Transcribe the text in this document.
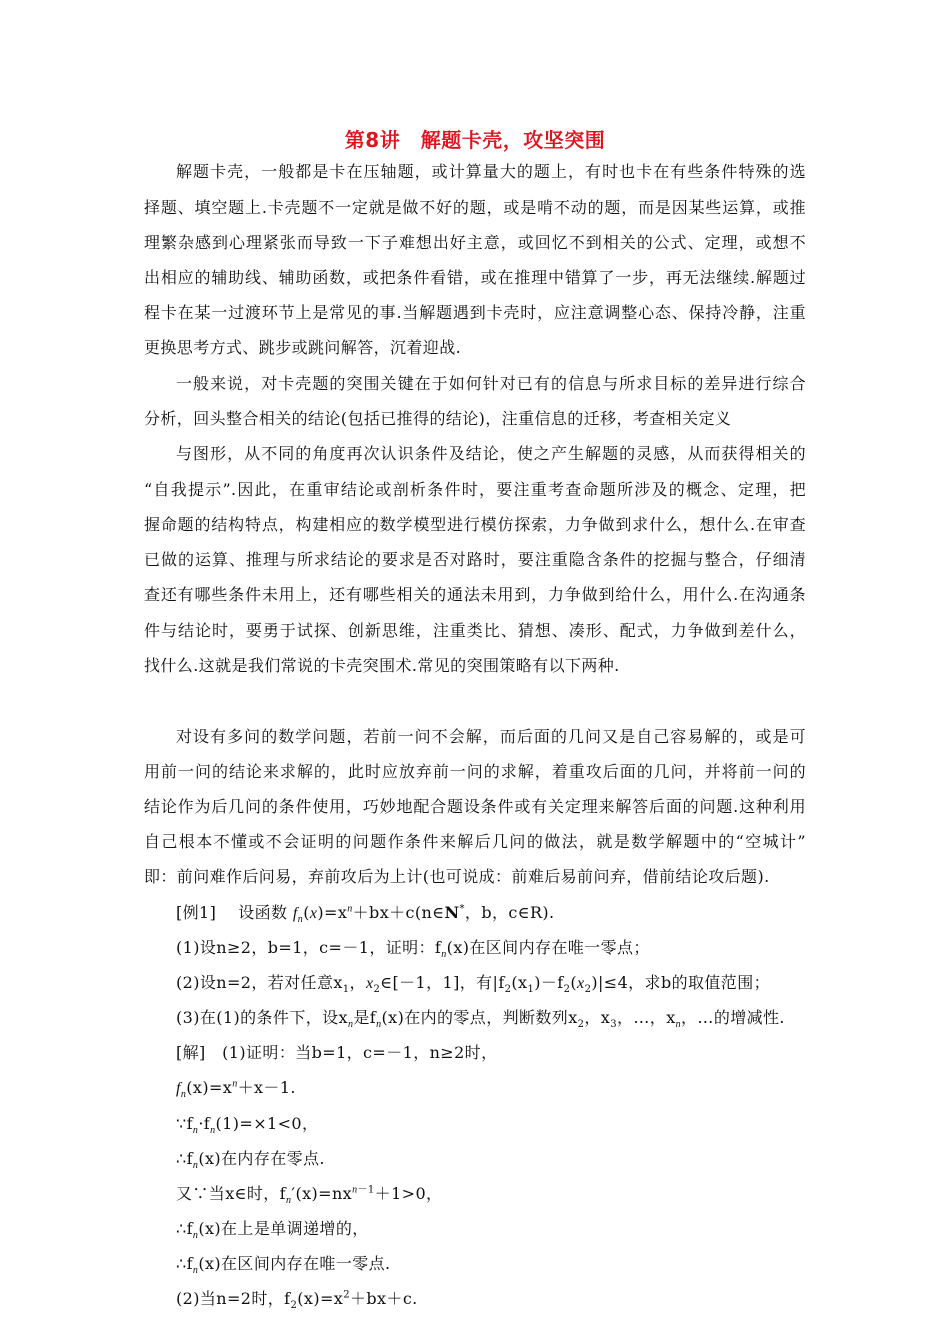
第8讲　解题卡壳，攻坚突围
解题卡壳，一般都是卡在压轴题，或计算量大的题上，有时也卡在有些条件特殊的选
择题、填空题上.卡壳题不一定就是做不好的题，或是啃不动的题，而是因某些运算，或推
理繁杂感到心理紧张而导致一下子难想出好主意，或回忆不到相关的公式、定理，或想不
出相应的辅助线、辅助函数，或把条件看错，或在推理中错算了一步，再无法继续.解题过
程卡在某一过渡环节上是常见的事.当解题遇到卡壳时，应注意调整心态、保持冷静，注重
更换思考方式、跳步或跳问解答，沉着迎战.
一般来说，对卡壳题的突围关键在于如何针对已有的信息与所求目标的差异进行综合
分析，回头整合相关的结论(包括已推得的结论)，注重信息的迁移，考查相关定义
与图形，从不同的角度再次认识条件及结论，使之产生解题的灵感，从而获得相关的
“自我提示”.因此，在重审结论或剖析条件时，要注重考查命题所涉及的概念、定理，把
握命题的结构特点，构建相应的数学模型进行模仿探索，力争做到求什么，想什么.在审查
已做的运算、推理与所求结论的要求是否对路时，要注重隐含条件的挖掘与整合，仔细清
查还有哪些条件未用上，还有哪些相关的通法未用到，力争做到给什么，用什么.在沟通条
件与结论时，要勇于试探、创新思维，注重类比、猜想、凑形、配式，力争做到差什么，
找什么.这就是我们常说的卡壳突围术.常见的突围策略有以下两种.
对设有多问的数学问题，若前一问不会解，而后面的几问又是自己容易解的，或是可
用前一问的结论来求解的，此时应放弃前一问的求解，着重攻后面的几问，并将前一问的
结论作为后几问的条件使用，巧妙地配合题设条件或有关定理来解答后面的问题.这种利用
自己根本不懂或不会证明的问题作条件来解后几问的做法，就是数学解题中的“空城计”
即：前问难作后问易，弃前攻后为上计(也可说成：前难后易前问弃，借前结论攻后题).
[例1] 设函数 $f_n(x)=x^n+bx+c(n\in N^*$，b，c∈R).
(1)设n≥2，b=1，c=－1，证明：$f_n(x)$在区间内存在唯一零点；
(2)设n=2，若对任意$x_1$，$x_2\in[-1$，1]，有$|f_2(x_1)-f_2(x_2)|\le 4$，求b的取值范围；
(3)在(1)的条件下，设$x_n$是$f_n(x)$在内的零点，判断数列$x_2$，$x_3$，…，$x_n$，…的增减性.
[解] (1)证明：当b=1，c=－1，n≥2时，
$f_n(x)=x^n+x-1$.
$\because f_n\cdot f_n(1)=\times 1<0$，
$\therefore f_n(x)$在内存在零点.
又∵当x∈时，$f_n'(x)=nx^{n-1}+1>0$，
$\therefore f_n(x)$在上是单调递增的，
$\therefore f_n(x)$在区间内存在唯一零点.
(2)当n=2时，$f_2(x)=x^2+bx+c$.
